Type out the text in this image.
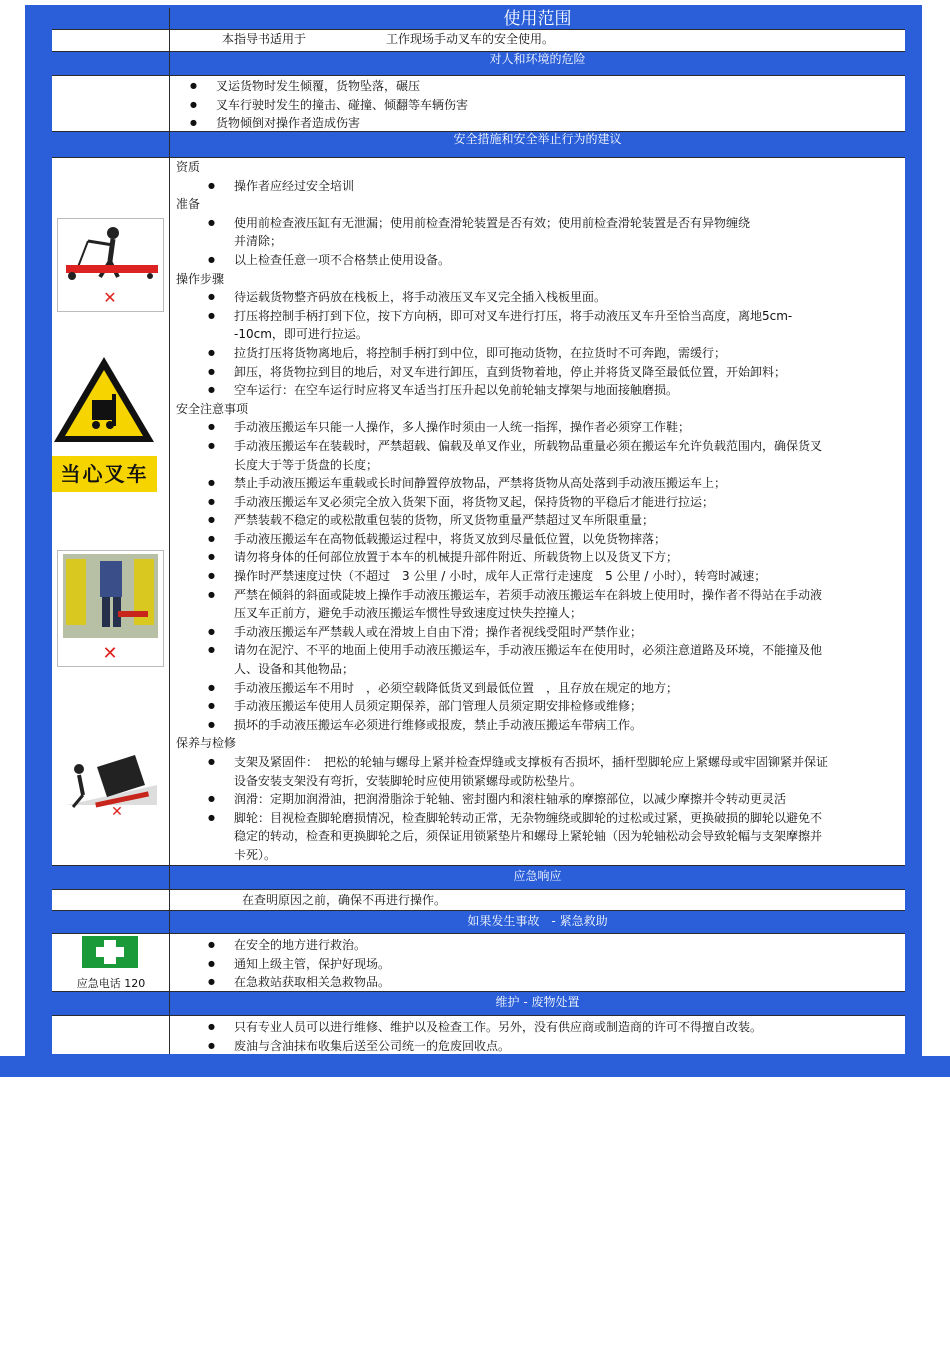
使用范围
本指导书适用于	工作现场手动叉车的安全使用。
对人和环境的危险
● 叉运货物时发生倾覆，货物坠落，碾压
● 叉车行驶时发生的撞击、碰撞、倾翻等车辆伤害
● 货物倾倒对操作者造成伤害
安全措施和安全举止行为的建议
✕
当心叉车
✕
✕
资质
● 操作者应经过安全培训
准备
● 使用前检查液压缸有无泄漏；使用前检查滑轮装置是否有效；使用前检查滑轮装置是否有异物缠绕并清除；
● 以上检查任意一项不合格禁止使用设备。
操作步骤
● 待运载货物整齐码放在栈板上，将手动液压叉车叉完全插入栈板里面。
● 打压将控制手柄打到下位，按下方向柄，即可对叉车进行打压，将手动液压叉车升至恰当高度，离地5cm--10cm，即可进行拉运。
● 拉货打压将货物离地后，将控制手柄打到中位，即可拖动货物，在拉货时不可奔跑，需缓行；
● 卸压，将货物拉到目的地后，对叉车进行卸压，直到货物着地，停止并将货叉降至最低位置，开始卸料；
● 空车运行：在空车运行时应将叉车适当打压升起以免前轮轴支撑架与地面接触磨损。
安全注意事项
● 手动液压搬运车只能一人操作，多人操作时须由一人统一指挥，操作者必须穿工作鞋；
● 手动液压搬运车在装载时，严禁超载、偏载及单叉作业，所载物品重量必须在搬运车允许负载范围内，确保货叉长度大于等于货盘的长度；
● 禁止手动液压搬运车重载或长时间静置停放物品，严禁将货物从高处落到手动液压搬运车上；
● 手动液压搬运车叉必须完全放入货架下面，将货物叉起，保持货物的平稳后才能进行拉运；
● 严禁装载不稳定的或松散重包装的货物，所叉货物重量严禁超过叉车所限重量；
● 手动液压搬运车在高物低载搬运过程中，将货叉放到尽量低位置，以免货物摔落；
● 请勿将身体的任何部位放置于本车的机械提升部件附近、所载货物上以及货叉下方；
● 操作时严禁速度过快（不超过　3 公里 / 小时，成年人正常行走速度　5 公里 / 小时），转弯时减速；
● 严禁在倾斜的斜面或陡坡上操作手动液压搬运车，若须手动液压搬运车在斜坡上使用时，操作者不得站在手动液压叉车正前方，避免手动液压搬运车惯性导致速度过快失控撞人；
● 手动液压搬运车严禁载人或在滑坡上自由下滑；操作者视线受阻时严禁作业；
● 请勿在泥泞、不平的地面上使用手动液压搬运车，手动液压搬运车在使用时，必须注意道路及环境，不能撞及他人、设备和其他物品；
● 手动液压搬运车不用时　，必须空载降低货叉到最低位置　，且存放在规定的地方；
● 手动液压搬运车使用人员须定期保养，部门管理人员须定期安排检修或维修；
● 损坏的手动液压搬运车必须进行维修或报废，禁止手动液压搬运车带病工作。
保养与检修
● 支架及紧固件：　把松的轮轴与螺母上紧并检查焊缝或支撑板有否损坏，插杆型脚轮应上紧螺母或牢固铆紧并保证设备安装支架没有弯折，安装脚轮时应使用锁紧螺母或防松垫片。
● 润滑：定期加润滑油，把润滑脂涂于轮轴、密封圈内和滚柱轴承的摩擦部位，以减少摩擦并令转动更灵活
● 脚轮：目视检查脚轮磨损情况，检查脚轮转动正常，无杂物缠绕或脚轮的过松或过紧，更换破损的脚轮以避免不稳定的转动，检查和更换脚轮之后，须保证用锁紧垫片和螺母上紧轮轴（因为轮轴松动会导致轮幅与支架摩擦并卡死）。
应急响应
在查明原因之前，确保不再进行操作。
如果发生事故　- 紧急救助
应急电话 120
● 在安全的地方进行救治。
● 通知上级主管，保护好现场。
● 在急救站获取相关急救物品。
维护 - 废物处置
● 只有专业人员可以进行维修、维护以及检查工作。另外，没有供应商或制造商的许可不得擅自改装。
● 废油与含油抹布收集后送至公司统一的危废回收点。
